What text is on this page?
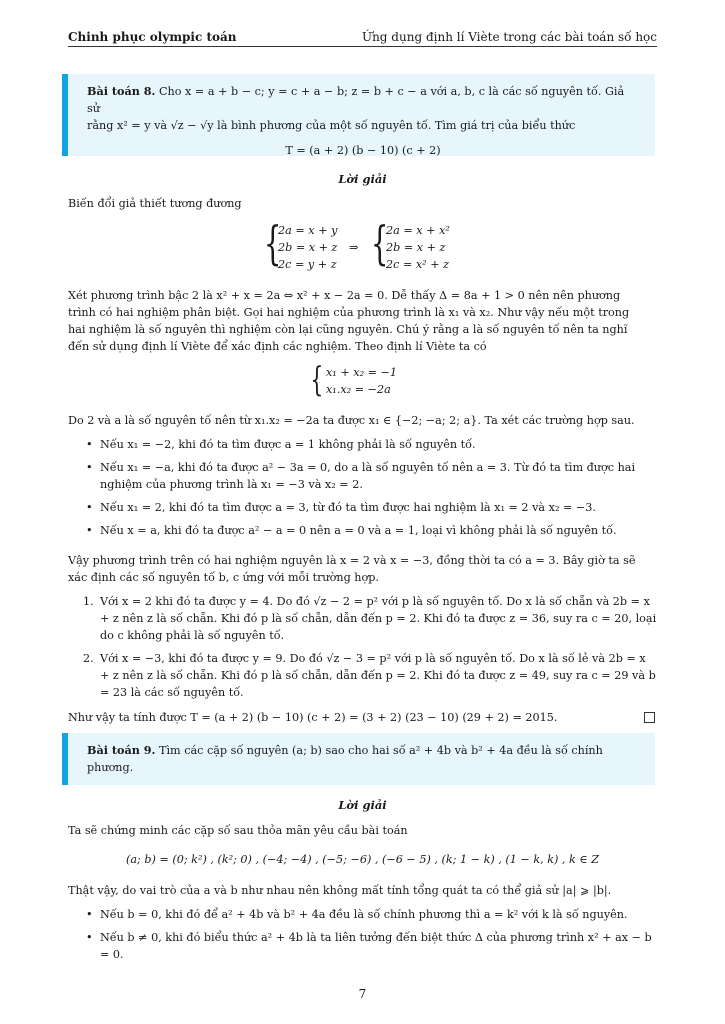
Chinh phục olympic toán	Ứng dụng định lí Viète trong các bài toán số học
Bài toán 8. Cho x = a + b − c; y = c + a − b; z = b + c − a với a, b, c là các số nguyên tố. Giả sử
rằng x² = y và √z − √y là bình phương của một số nguyên tố. Tìm giá trị của biểu thức
T = (a + 2) (b − 10) (c + 2)
Lời giải
Biến đổi giả thiết tương đương
{
2a = x + y
2b = x + z
2c = y + z
⇒ {
2a = x + x²
2b = x + z
2c = x² + z
Xét phương trình bậc 2 là x² + x = 2a ⇔ x² + x − 2a = 0. Dễ thấy Δ = 8a + 1 > 0 nên nên phương
trình có hai nghiệm phân biệt. Gọi hai nghiệm của phương trình là x₁ và x₂. Như vậy nếu một trong
hai nghiệm là số nguyên thì nghiệm còn lại cũng nguyên. Chú ý rằng a là số nguyên tố nên ta nghĩ
đến sử dụng định lí Viète để xác định các nghiệm. Theo định lí Viète ta có
{ x₁ + x₂ = −1
x₁.x₂ = −2a
Do 2 và a là số nguyên tố nên từ x₁.x₂ = −2a ta được x₁ ∈ {−2; −a; 2; a}. Ta xét các trường hợp sau.
• Nếu x₁ = −2, khi đó ta tìm được a = 1 không phải là số nguyên tố.
• Nếu x₁ = −a, khi đó ta được a² − 3a = 0, do a là số nguyên tố nên a = 3. Từ đó ta tìm được hai nghiệm của phương trình là x₁ = −3 và x₂ = 2.
• Nếu x₁ = 2, khi đó ta tìm được a = 3, từ đó ta tìm được hai nghiệm là x₁ = 2 và x₂ = −3.
• Nếu x = a, khi đó ta được a² − a = 0 nên a = 0 và a = 1, loại vì không phải là số nguyên tố.
Vậy phương trình trên có hai nghiệm nguyên là x = 2 và x = −3, đồng thời ta có a = 3. Bây giờ ta sẽ
xác định các số nguyên tố b, c ứng với mỗi trường hợp.
1. Với x = 2 khi đó ta được y = 4. Do đó √z − 2 = p² với p là số nguyên tố. Do x là số chẵn và 2b = x + z nên z là số chẵn. Khi đó p là số chẵn, dẫn đến p = 2. Khi đó ta được z = 36, suy ra c = 20, loại do c không phải là số nguyên tố.
2. Với x = −3, khi đó ta được y = 9. Do đó √z − 3 = p² với p là số nguyên tố. Do x là số lẻ và 2b = x + z nên z là số chẵn. Khi đó p là số chẵn, dẫn đến p = 2. Khi đó ta được z = 49, suy ra c = 29 và b = 23 là các số nguyên tố.
Như vậy ta tính được T = (a + 2) (b − 10) (c + 2) = (3 + 2) (23 − 10) (29 + 2) = 2015.
Bài toán 9. Tìm các cặp số nguyên (a; b) sao cho hai số a² + 4b và b² + 4a đều là số chính
phương.
Lời giải
Ta sẽ chứng minh các cặp số sau thỏa mãn yêu cầu bài toán
(a; b) = (0; k²) , (k²; 0) , (−4; −4) , (−5; −6) , (−6 − 5) , (k; 1 − k) , (1 − k, k) , k ∈ Z
Thật vậy, do vai trò của a và b như nhau nên không mất tính tổng quát ta có thể giả sử |a| ⩾ |b|.
• Nếu b = 0, khi đó để a² + 4b và b² + 4a đều là số chính phương thì a = k² với k là số nguyên.
• Nếu b ≠ 0, khi đó biểu thức a² + 4b là ta liên tưởng đến biệt thức Δ của phương trình x² + ax − b = 0.
7
